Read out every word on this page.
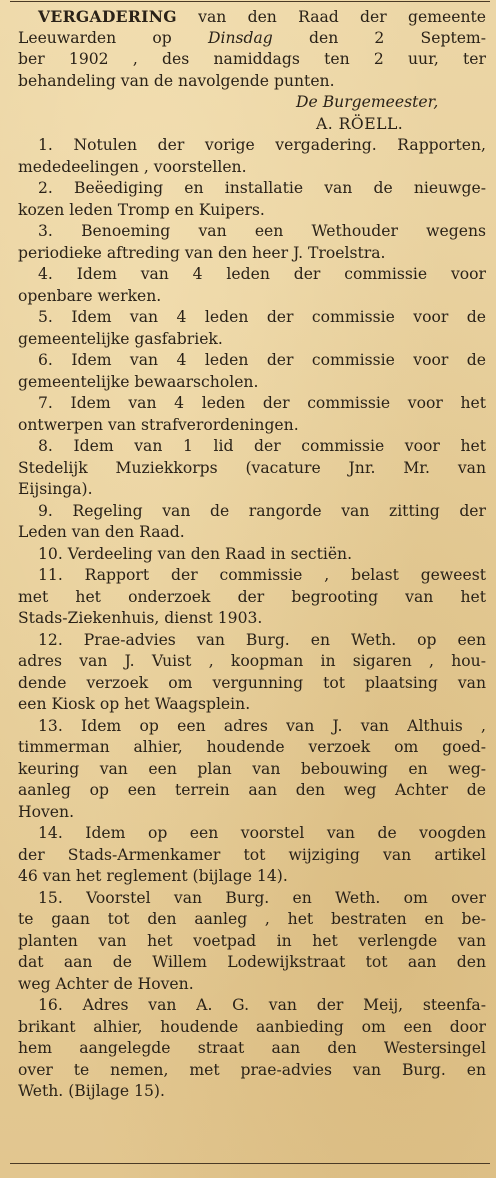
VERGADERING van den Raad der gemeente
Leeuwarden op Dinsdag den 2 Septem-
ber 1902 , des namiddags ten 2 uur, ter
behandeling van de navolgende punten.
De Burgemeester,
A. RÖELL.
1. Notulen der vorige vergadering. Rapporten,
mededeelingen , voorstellen.
2. Beëediging en installatie van de nieuwge-
kozen leden Tromp en Kuipers.
3. Benoeming van een Wethouder wegens
periodieke aftreding van den heer J. Troelstra.
4. Idem van 4 leden der commissie voor
openbare werken.
5. Idem van 4 leden der commissie voor de
gemeentelijke gasfabriek.
6. Idem van 4 leden der commissie voor de
gemeentelijke bewaarscholen.
7. Idem van 4 leden der commissie voor het
ontwerpen van strafverordeningen.
8. Idem van 1 lid der commissie voor het
Stedelijk Muziekkorps (vacature Jnr. Mr. van
Eijsinga).
9. Regeling van de rangorde van zitting der
Leden van den Raad.
10. Verdeeling van den Raad in sectiën.
11. Rapport der commissie , belast geweest
met het onderzoek der begrooting van het
Stads-Ziekenhuis, dienst 1903.
12. Prae-advies van Burg. en Weth. op een
adres van J. Vuist , koopman in sigaren , hou-
dende verzoek om vergunning tot plaatsing van
een Kiosk op het Waagsplein.
13. Idem op een adres van J. van Althuis ,
timmerman alhier, houdende verzoek om goed-
keuring van een plan van bebouwing en weg-
aanleg op een terrein aan den weg Achter de
Hoven.
14. Idem op een voorstel van de voogden
der Stads-Armenkamer tot wijziging van artikel
46 van het reglement (bijlage 14).
15. Voorstel van Burg. en Weth. om over
te gaan tot den aanleg , het bestraten en be-
planten van het voetpad in het verlengde van
dat aan de Willem Lodewijkstraat tot aan den
weg Achter de Hoven.
16. Adres van A. G. van der Meij, steenfa-
brikant alhier, houdende aanbieding om een door
hem aangelegde straat aan den Westersingel
over te nemen, met prae-advies van Burg. en
Weth. (Bijlage 15).
